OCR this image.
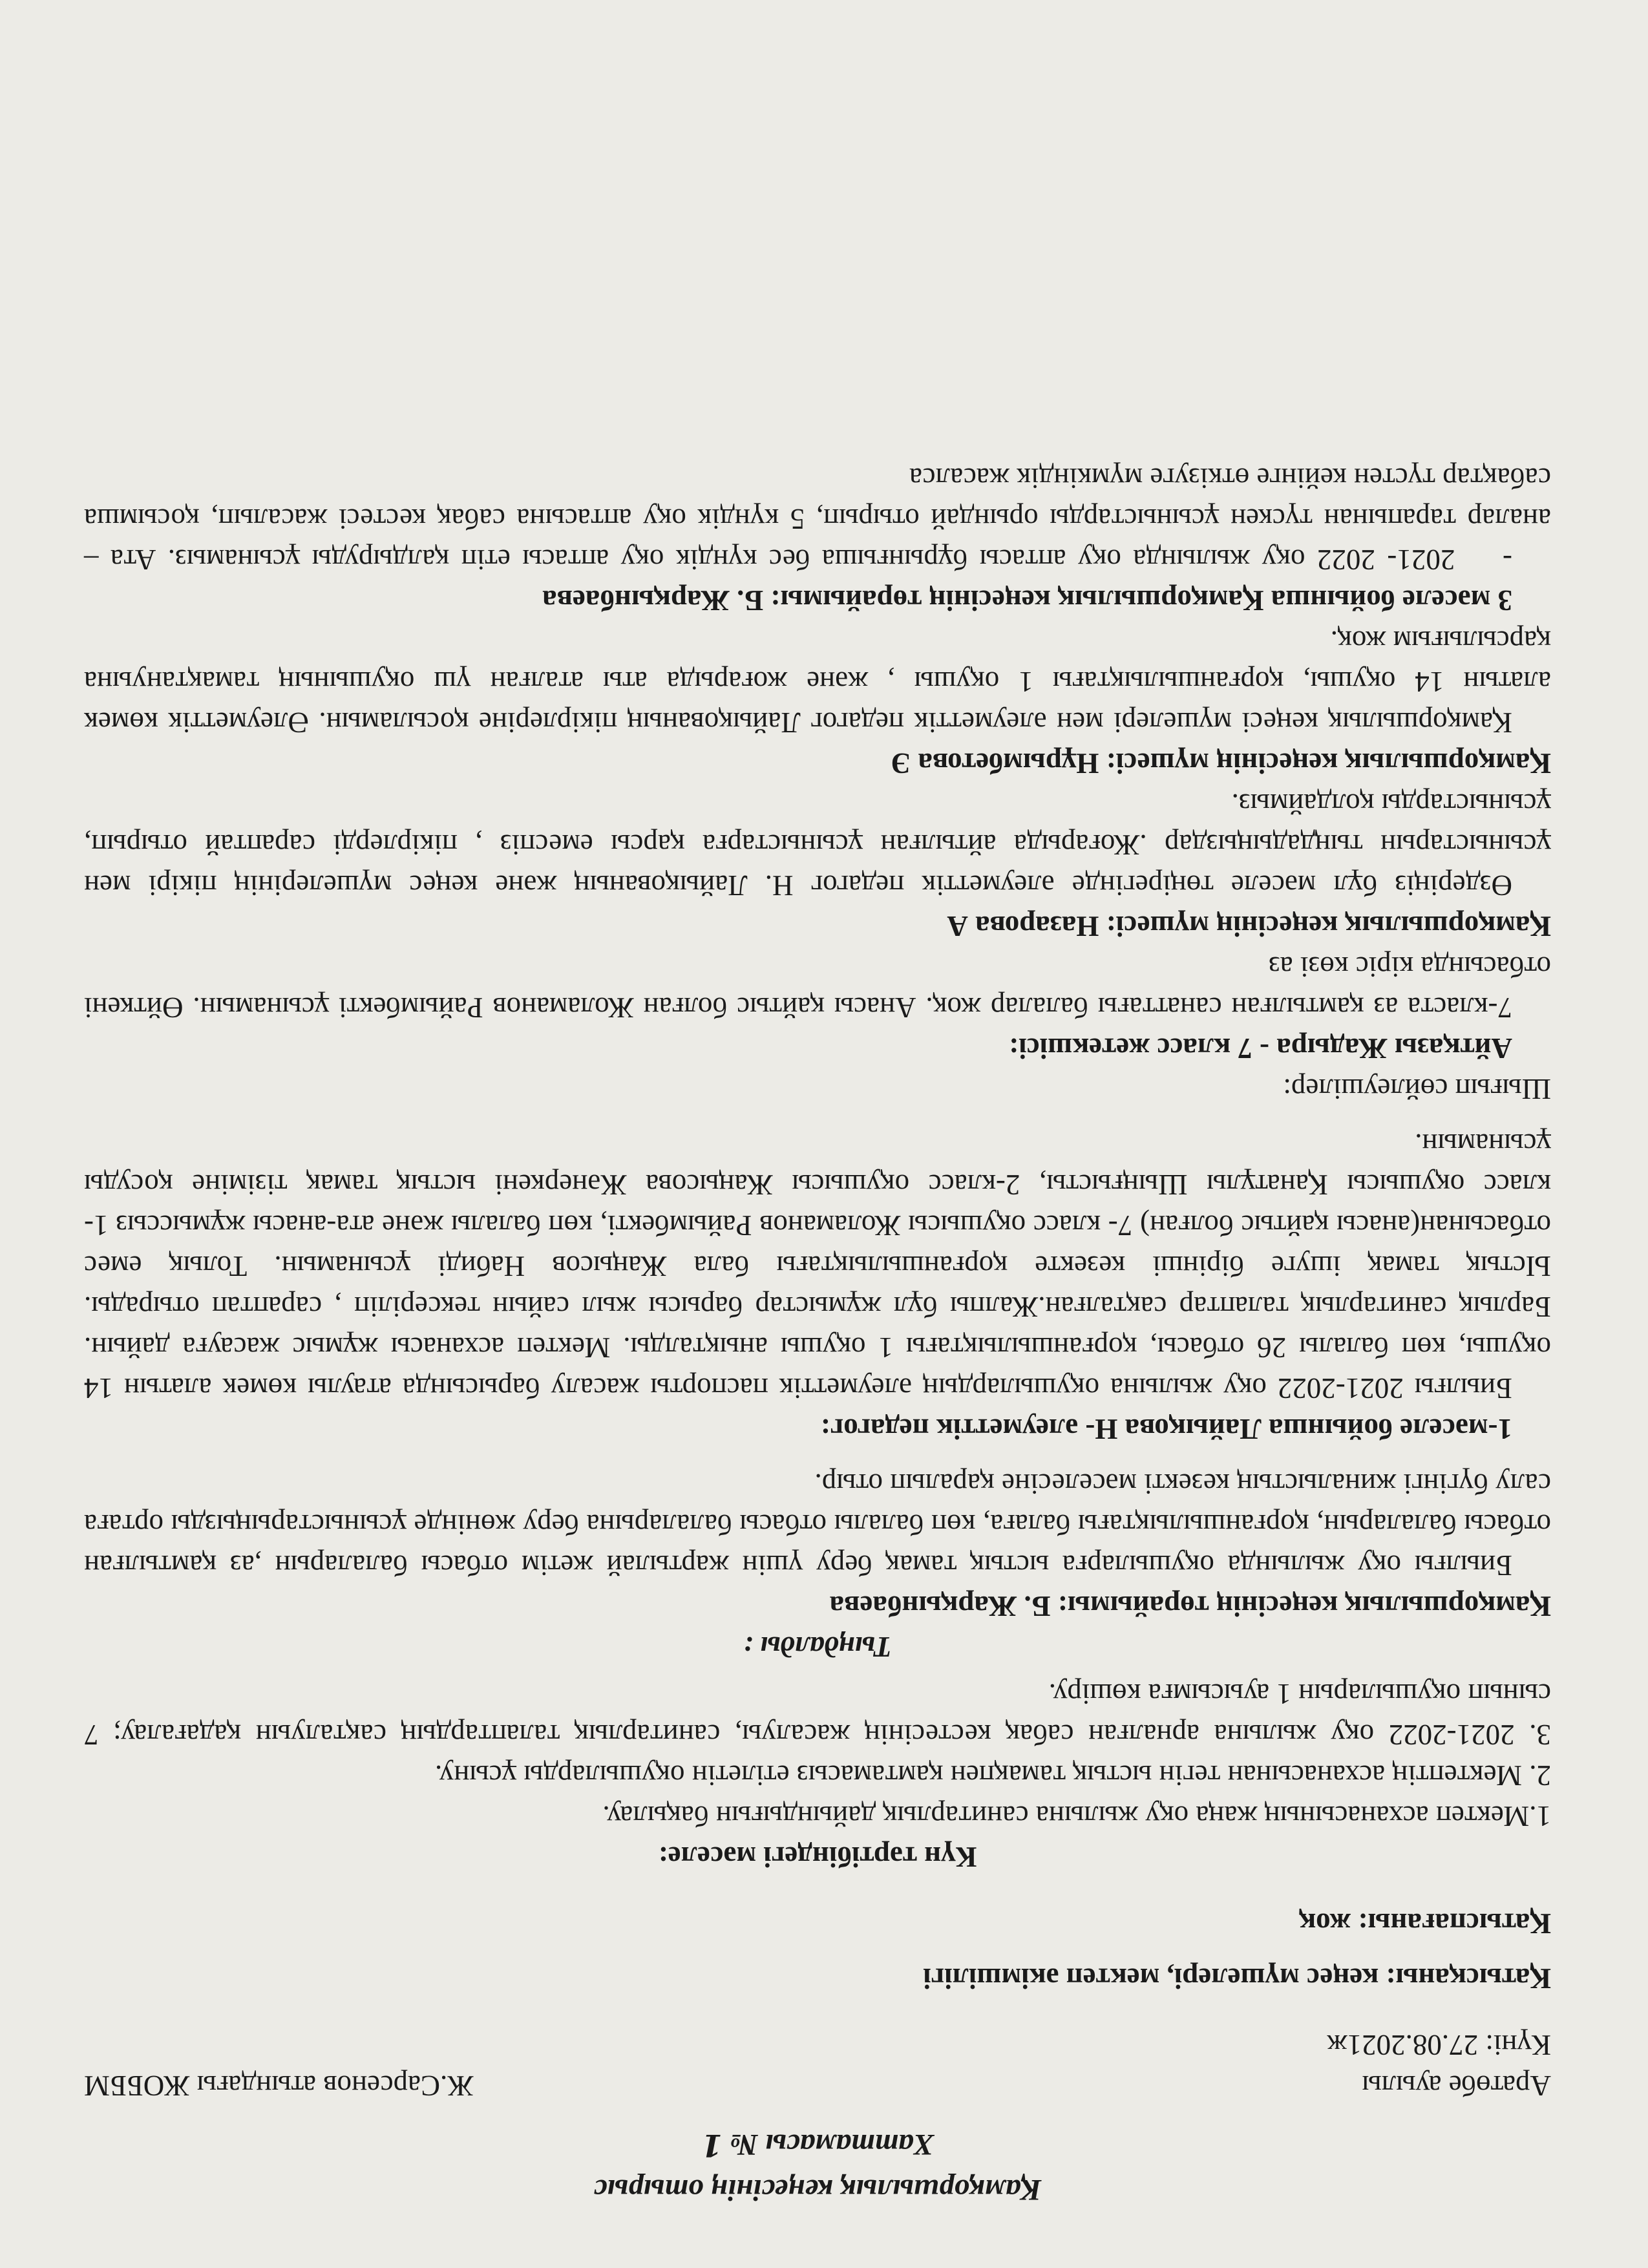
Қамқоршылық кеңесінің отырыс

Хаттамасы № 1

Аратөбе ауылы
Күні: 27.08.2021ж
Ж.Сарсенов атындағы ЖОББМ

Қатысқаны: кеңес мүшелері, мектеп әкімшілігі

Қатыспағаны: жоқ

Күн тәртібіндегі мәселе:

1.Мектеп асханасының жаңа оқу жылына санитарлық дайындығын бақылау.
2. Мектептің асханасынан тегін ыстық тамақпен қамтамасыз етілетін оқушыларды ұсыну.
3. 2021-2022 оқу жылына арналған сабақ кестесінің жасалуы, санитарлық талаптардың сақталуын қадағалау; 7 сынып оқушыларын 1 ауысымға көшіру.

Тыңдалды :

Қамқоршылық кеңесінің төрайымы: Б. Жарқынбаева

Биылғы оқу жылында оқушыларға ыстық тамақ беру үшін жартылай жетім отбасы балаларын ,аз қамтылған отбасы балаларын, қорғаншылықтағы балаға, көп балалы отбасы балаларына беру жөнінде ұсыныстарыңызды ортаға салу бүгінгі жиналыстың кезекті мәселесіне қаралып отыр.

1-мәселе бойынша Лайықова Н- әлеуметтік педагог:

Биылғы 2021-2022 оқу жылына оқушылардың әлеуметтік паспорты жасалу барысында атаулы көмек алатын 14 оқушы, көп балалы 26 отбасы, қорғаншылықтағы 1 оқушы анықталды. Мектеп асханасы жұмыс жасауға дайын. Барлық санитарлық талаптар сақталған.Жалпы бұл жұмыстар барысы жыл сайын тексеріліп , сараптап отырады. Ыстық тамақ ішуге бірінші кезекте қорғаншылықтағы бала Жаңысов Набиді ұсынамын. Толық емес отбасынан(анасы қайтыс болған) 7- класс оқушысы Жоламанов Райымбекті, көп балалы және ата-анасы жұмыссыз 1-класс оқушысы Қанатұлы Шыңғысты, 2-класс оқушысы Жаңысова Жәнеркені ыстық тамақ тізіміне қосуды ұсынамын.

Шығып сөйлеушілер:

Айтқазы Жадыра - 7 класс жетекшісі:

7-класта аз қамтылған санаттағы балалар жоқ. Анасы қайтыс болған Жоламанов Райымбекті ұсынамын. Өйткені отбасында кіріс көзі аз

Қамқоршылық кеңесінің мүшесі: Назарова А

Өздеріңіз бұл мәселе төңірегінде әлеуметтік педагог Н. Лайықованың және кеңес мүшелерінің пікірі мен ұсыныстарын тыңдадыңыздар .Жоғарыда айтылған ұсыныстарға қарсы емеспіз , пікірлерді сараптай отырып, ұсыныстарды қолдаймыз.

Қамқоршылық кеңесінің мүшесі: Нұрымбетова Э

Қамқоршылық кеңесі мүшелері мен әлеуметтік педагог Лайықованың пікірлеріне қосыламын. Әлеуметтік көмек алатын 14 оқушы, қорғаншылықтағы 1 оқушы , және жоғарыда аты аталған үш оқушының тамақтануына қарсылығым жоқ.

3 мәселе бойынша Қамқоршылық кеңесінің төрайымы: Б. Жарқынбаева

-    2021- 2022 оқу жылында оқу аптасы бұрынғыша бес күндік оқу аптасы етіп қалдыруды ұсынамыз. Ата – аналар тарапынан түскен ұсыныстарды орындай отырып, 5 күндік оқу аптасына сабақ кестесі жасалып, қосымша сабақтар түстен кейінге өткізуге мүмкіндік жасалса
